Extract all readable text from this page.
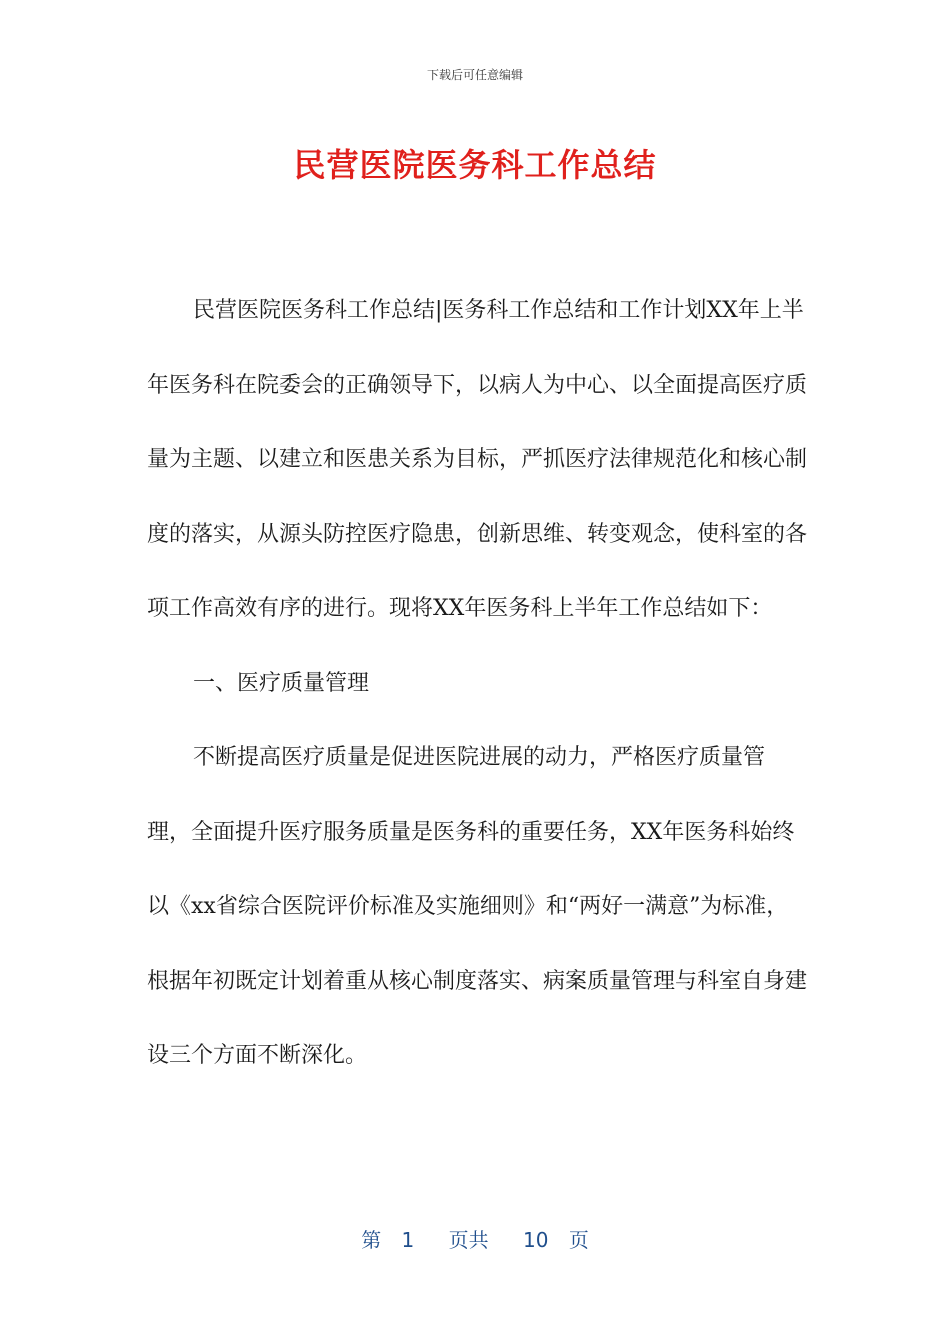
下载后可任意编辑
民营医院医务科工作总结

民营医院医务科工作总结|医务科工作总结和工作计划XX年上半年医务科在院委会的正确领导下，以病人为中心、以全面提高医疗质量为主题、以建立和医患关系为目标，严抓医疗法律规范化和核心制度的落实，从源头防控医疗隐患，创新思维、转变观念，使科室的各项工作高效有序的进行。现将XX年医务科上半年工作总结如下：

一、医疗质量管理

不断提高医疗质量是促进医院进展的动力，严格医疗质量管理，全面提升医疗服务质量是医务科的重要任务，XX年医务科始终以《xx省综合医院评价标准及实施细则》和“两好一满意”为标准，根据年初既定计划着重从核心制度落实、病案质量管理与科室自身建设三个方面不断深化。

第 1 页共 10 页
